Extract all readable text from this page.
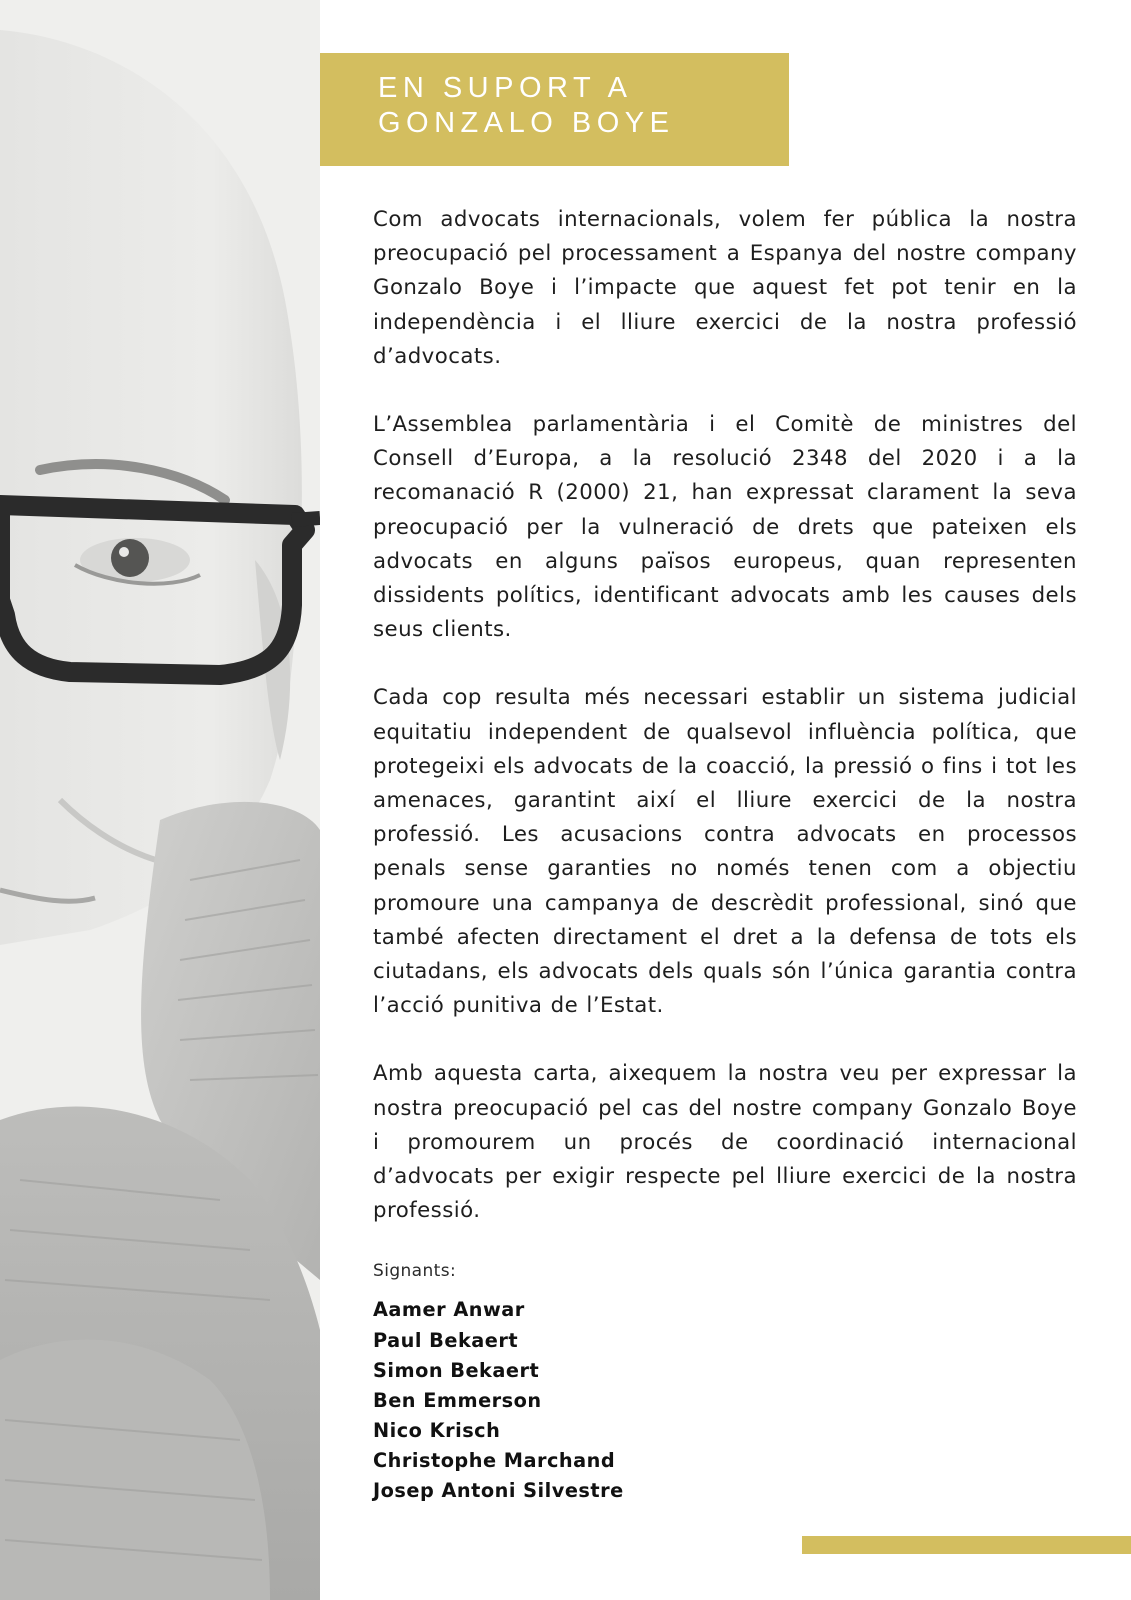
EN SUPORT A
GONZALO BOYE

Com advocats internacionals, volem fer pública la nostra preocupació pel processament a Espanya del nostre company Gonzalo Boye i l’impacte que aquest fet pot tenir en la independència i el lliure exercici de la nostra professió d’advocats.

L’Assemblea parlamentària i el Comitè de ministres del Consell d’Europa, a la resolució 2348 del 2020 i a la recomanació R (2000) 21, han expressat clarament la seva preocupació per la vulneració de drets que pateixen els advocats en alguns països europeus, quan representen dissidents polítics, identificant advocats amb les causes dels seus clients.

Cada cop resulta més necessari establir un sistema judicial equitatiu independent de qualsevol influència política, que protegeixi els advocats de la coacció, la pressió o fins i tot les amenaces, garantint així el lliure exercici de la nostra professió. Les acusacions contra advocats en processos penals sense garanties no només tenen com a objectiu promoure una campanya de descrèdit professional, sinó que també afecten directament el dret a la defensa de tots els ciutadans, els advocats dels quals són l’única garantia contra l’acció punitiva de l’Estat.

Amb aquesta carta, aixequem la nostra veu per expressar la nostra preocupació pel cas del nostre company Gonzalo Boye i promourem un procés de coordinació internacional d’advocats per exigir respecte pel lliure exercici de la nostra professió.

Signants:
Aamer Anwar
Paul Bekaert
Simon Bekaert
Ben Emmerson
Nico Krisch
Christophe Marchand
Josep Antoni Silvestre
